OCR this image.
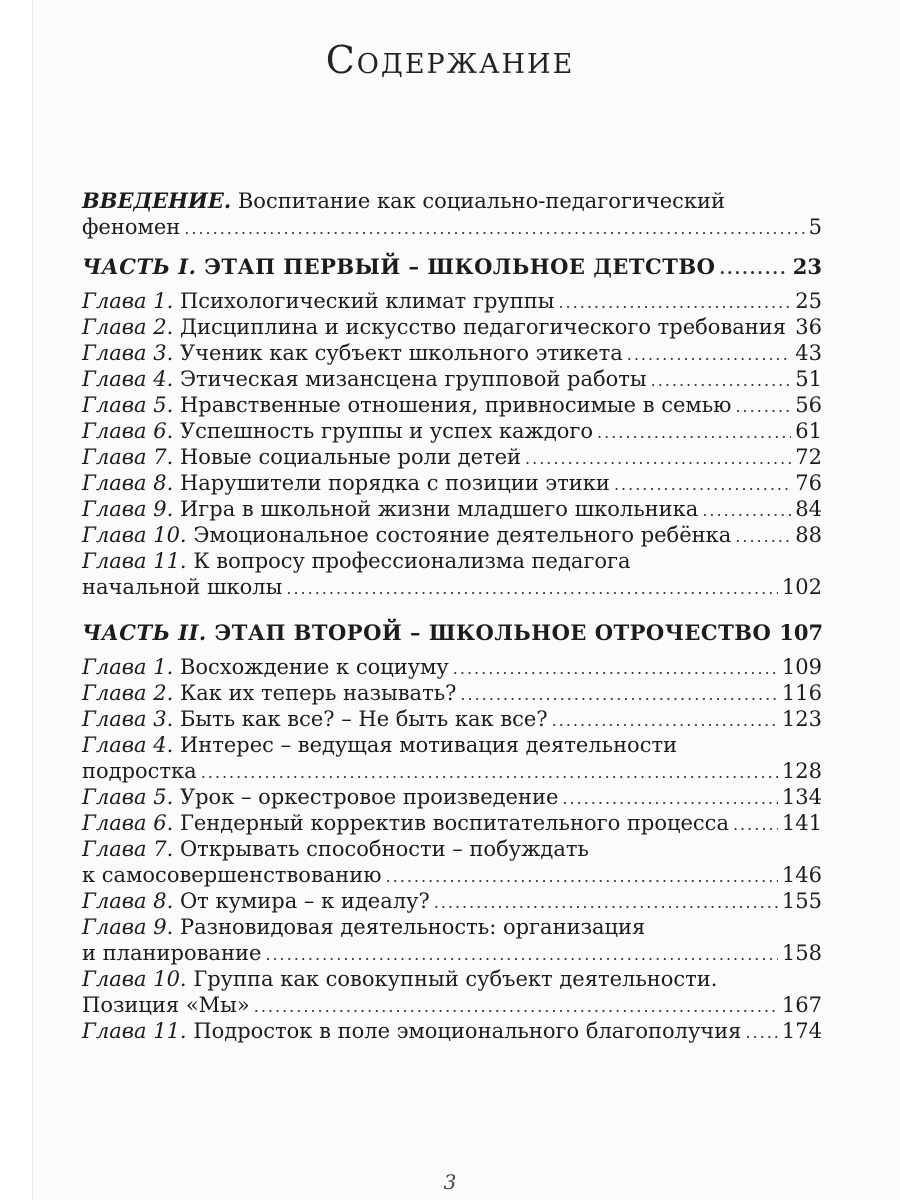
Содержание
ВВЕДЕНИЕ. Воспитание как социально-педагогический
феномен .....	5
ЧАСТЬ I. ЭТАП ПЕРВЫЙ – ШКОЛЬНОЕ ДЕТСТВО .....	23
Глава 1. Психологический климат группы .....	25
Глава 2. Дисциплина и искусство педагогического требования ..... 36
Глава 3. Ученик как субъект школьного этикета .....	43
Глава 4. Этическая мизансцена групповой работы .....	51
Глава 5. Нравственные отношения, привносимые в семью .....	56
Глава 6. Успешность группы и успех каждого .....	61
Глава 7. Новые социальные роли детей .....	72
Глава 8. Нарушители порядка с позиции этики .....	76
Глава 9. Игра в школьной жизни младшего школьника .....	84
Глава 10. Эмоциональное состояние деятельного ребёнка .....	88
Глава 11. К вопросу профессионализма педагога
начальной школы .....	102
ЧАСТЬ II. ЭТАП ВТОРОЙ – ШКОЛЬНОЕ ОТРОЧЕСТВО 107
Глава 1. Восхождение к социуму .....	109
Глава 2. Как их теперь называть? .....	116
Глава 3. Быть как все? – Не быть как все? .....	123
Глава 4. Интерес – ведущая мотивация деятельности
подростка .....	128
Глава 5. Урок – оркестровое произведение .....	134
Глава 6. Гендерный корректив воспитательного процесса .....	141
Глава 7. Открывать способности – побуждать
к самосовершенствованию .....	146
Глава 8. От кумира – к идеалу? .....	155
Глава 9. Разновидовая деятельность: организация
и планирование .....	158
Глава 10. Группа как совокупный субъект деятельности.
Позиция «Мы» .....	167
Глава 11. Подросток в поле эмоционального благополучия ..... 174
3
